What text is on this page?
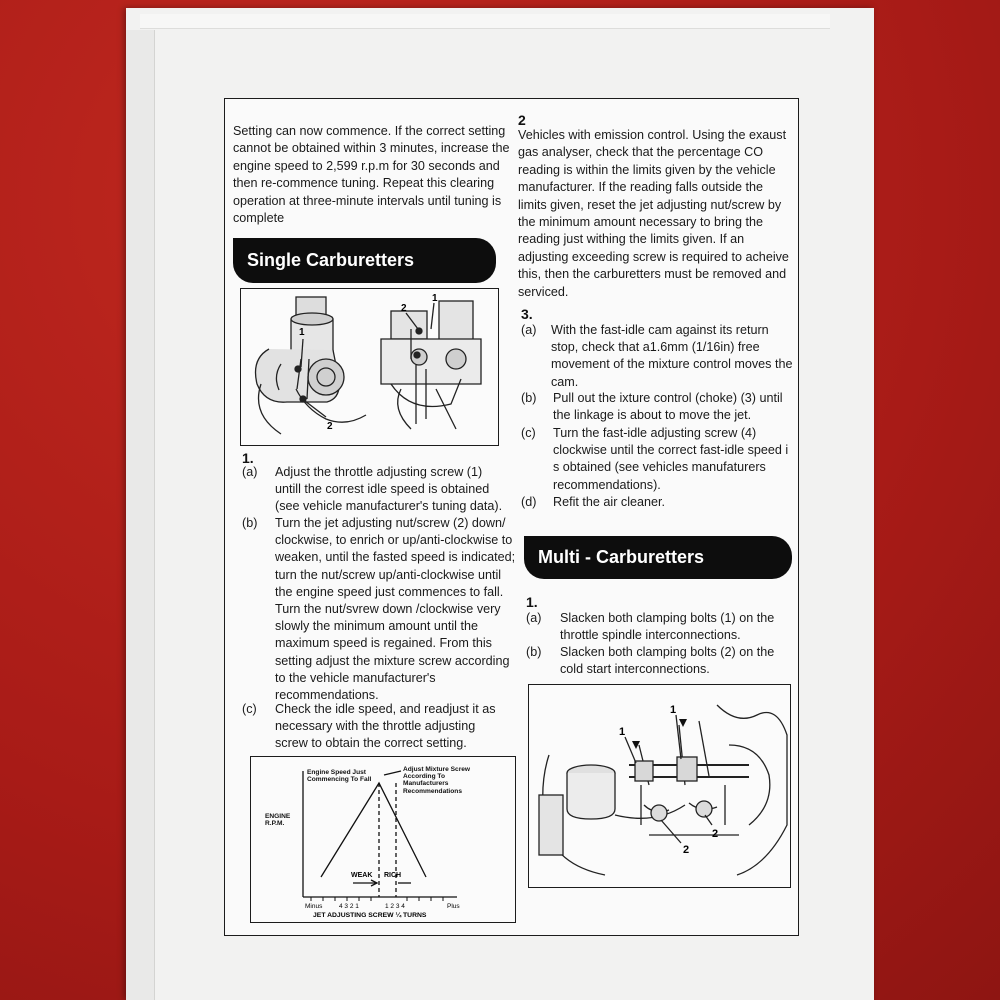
Setting can now commence. If the correct setting cannot be obtained within 3 minutes, increase the engine speed to 2,599 r.p.m for 30 seconds and then re-commence tuning. Repeat this clearing operation at three-minute intervals until tuning is complete
Single Carburetters
1
2
2
1
1.
(a) Adjust the throttle adjusting screw (1) untill the correst idle speed is obtained (see vehicle manufacturer's tuning data).
(b) Turn the jet adjusting nut/screw (2) down/ clockwise, to enrich or up/anti-clockwise to weaken, until the fasted speed is indicated; turn the nut/screw up/anti-clockwise until the engine speed just commences to fall. Turn the nut/svrew down /clockwise very slowly the minimum amount until the maximum speed is regained. From this setting adjust the mixture screw according to the vehicle manufacturer's recommendations.
(c) Check the idle speed, and readjust it as necessary with the throttle adjusting screw to obtain the correct setting.
Engine Speed Just Commencing To Fall
Adjust Mixture Screw According To Manufacturers Recommendations
ENGINE R.P.M.
WEAK RICH
Minus	4 3 2 1	1 2 3 4	Plus
JET ADJUSTING SCREW ¼ TURNS
2
Vehicles with emission control. Using the exaust gas analyser, check that the percentage CO reading is within the limits given by the vehicle manufacturer. If the reading falls outside the limits given, reset the jet adjusting nut/screw by the minimum amount necessary to bring the reading just withing the limits given. If an adjusting exceeding screw is required to acheive this, then the carburetters must be removed and serviced.
3.
(a) With the fast-idle cam against its return stop, check that a1.6mm (1/16in) free movement of the mixture control moves the cam.
(b) Pull out the ixture control (choke) (3) until the linkage is about to move the jet.
(c) Turn the fast-idle adjusting screw (4) clockwise until the correct fast-idle speed i s obtained (see vehicles manufaturers recommendations).
(d) Refit the air cleaner.
Multi - Carburetters
1.
(a) Slacken both clamping bolts (1) on the throttle spindle interconnections.
(b) Slacken both clamping bolts (2) on the cold start interconnections.
1
1
2
2
